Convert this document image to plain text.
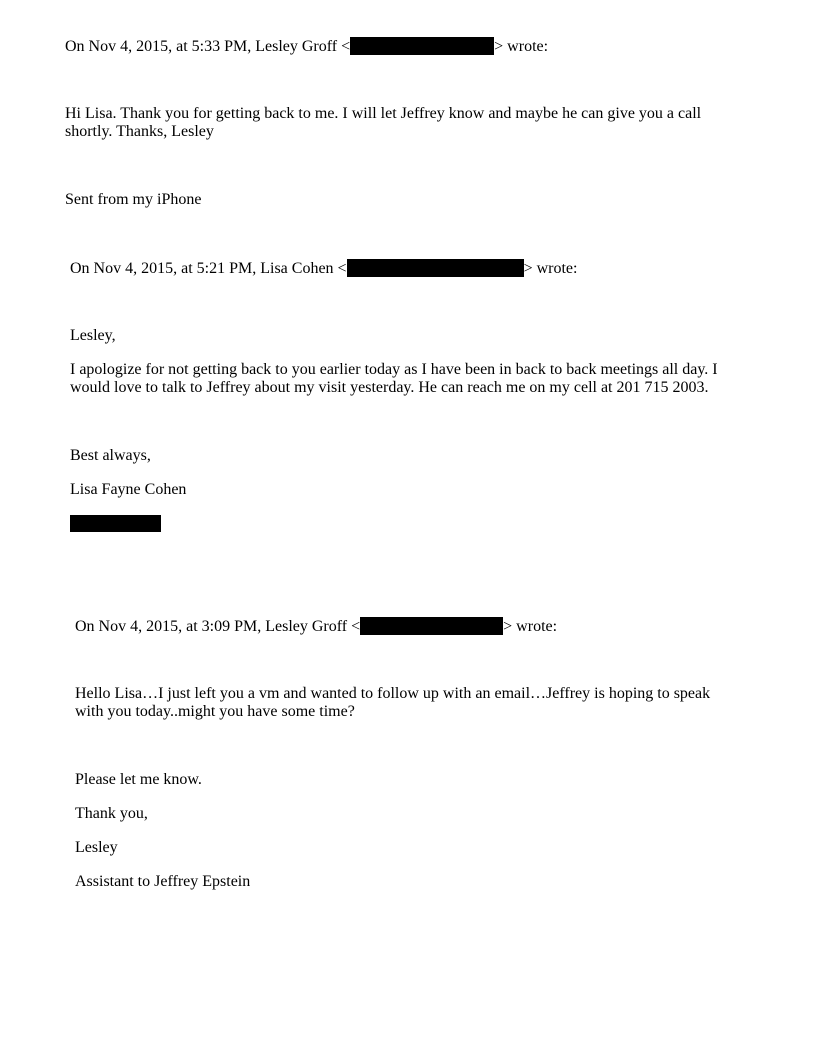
On Nov 4, 2015, at 5:33 PM, Lesley Groff <	> wrote:

Hi Lisa. Thank you for getting back to me. I will let Jeffrey know and maybe he can give you a call shortly. Thanks, Lesley

Sent from my iPhone

On Nov 4, 2015, at 5:21 PM, Lisa Cohen <	> wrote:

Lesley,

I apologize for not getting back to you earlier today as I have been in back to back meetings all day. I would love to talk to Jeffrey about my visit yesterday. He can reach me on my cell at 201 715 2003.

Best always,

Lisa Fayne Cohen

On Nov 4, 2015, at 3:09 PM, Lesley Groff <	> wrote:

Hello Lisa…I just left you a vm and wanted to follow up with an email…Jeffrey is hoping to speak with you today..might you have some time?

Please let me know.

Thank you,

Lesley

Assistant to Jeffrey Epstein
